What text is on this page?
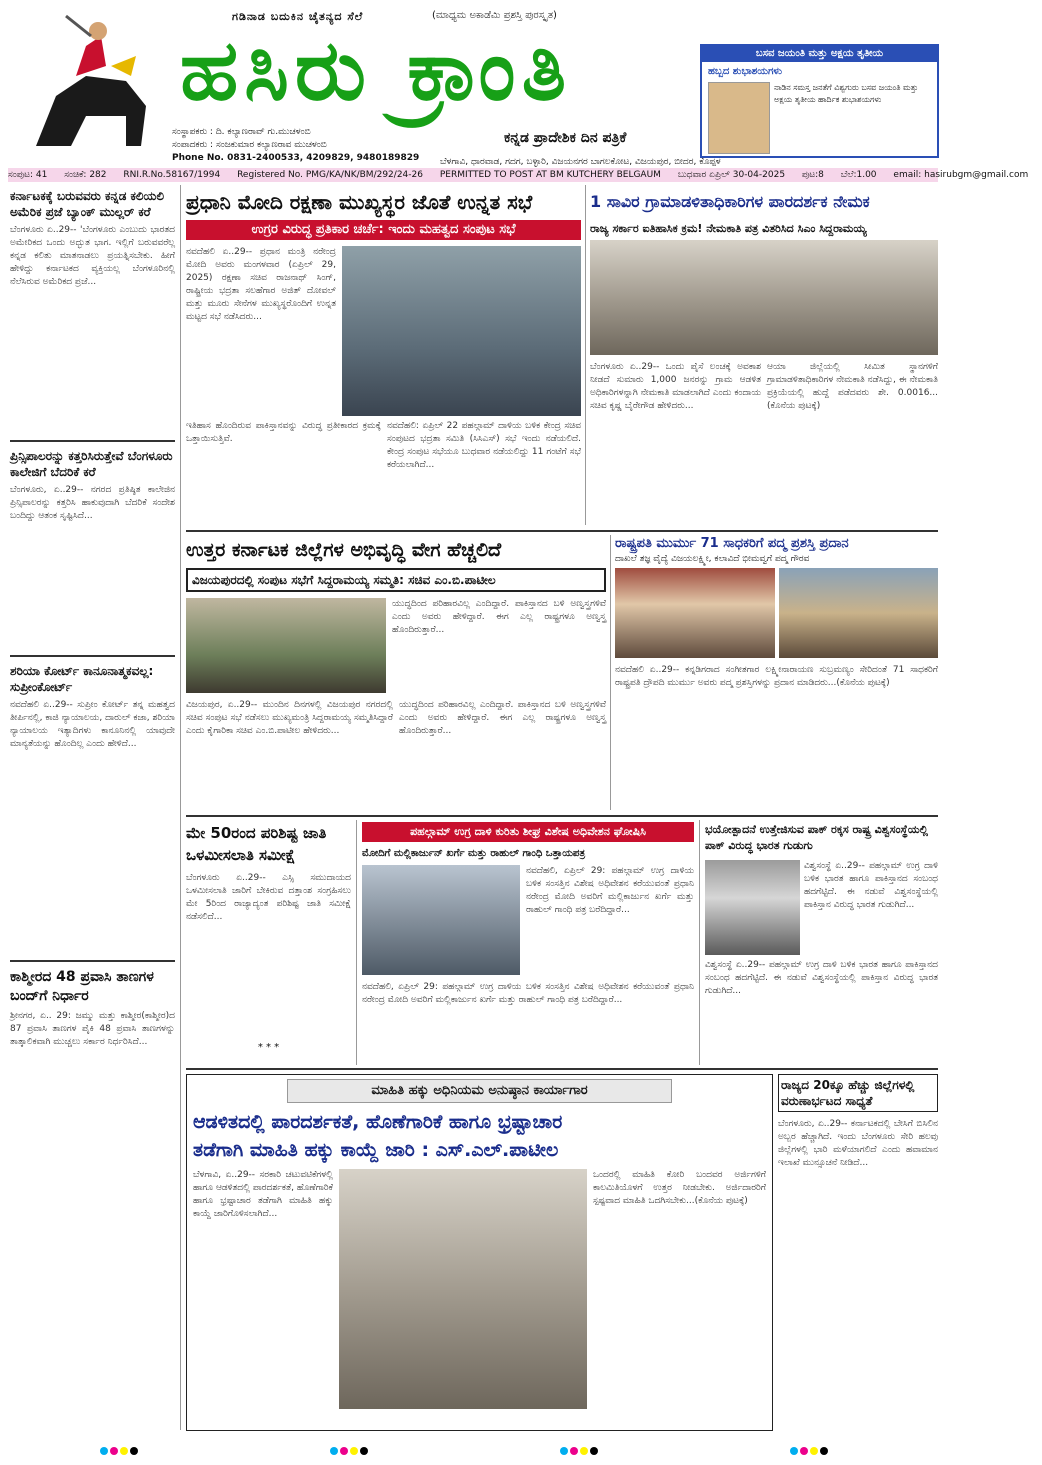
ಗಡಿನಾಡ ಬದುಕಿನ ಚೈತನ್ಯದ ಸೆಲೆ	(ಮಾಧ್ಯಮ ಅಕಾಡೆಮಿ ಪ್ರಶಸ್ತಿ ಪುರಸ್ಕೃತ)
ಹಸಿರು ಕ್ರಾಂತಿ
ಕನ್ನಡ ಪ್ರಾದೇಶಿಕ ದಿನ ಪತ್ರಿಕೆ
ಸಂಸ್ಥಾಪಕರು : ದಿ. ಕಲ್ಯಾಣರಾವ್ ಗು.ಮುಚಳಂಬಿ
ಸಂಪಾದಕರು : ಸಂಜಕುಮಾರ ಕಲ್ಯಾಣರಾವ ಮುಚಳಂಬಿ
Phone No. 0831-2400533, 4209829, 9480189829 ಬೆಳಗಾವಿ, ಧಾರವಾಡ, ಗದಗ, ಬಳ್ಳಾರಿ, ವಿಜಯನಗರ ಬಾಗಲಕೋಟ, ವಿಜಯಪುರ, ಬೀದರ, ಕೊಪ್ಪಳ
ಬಸವ ಜಯಂತಿ ಮತ್ತು ಅಕ್ಷಯ ತೃತೀಯ
ಹಬ್ಬದ ಶುಭಾಶಯಗಳು
ನಾಡಿನ ಸಮಸ್ತ ಜನತೆಗೆ ವಿಶ್ವಗುರು ಬಸವ ಜಯಂತಿ ಮತ್ತು ಅಕ್ಷಯ ತೃತೀಯ ಹಾರ್ದಿಕ ಶುಭಾಶಯಗಳು
ಸಂಪುಟ: 41 ಸಂಚಿಕೆ: 282 RNI.R.No.58167/1994 Registered No. PMG/KA/NK/BM/292/24-26 PERMITTED TO POST AT BM KUTCHERY BELGAUM ಬುಧವಾರ ಏಪ್ರಿಲ್ 30-04-2025 ಪುಟ:8 ಬೆಲೆ:1.00 email: hasirubgm@gmail.com
ಕರ್ನಾಟಕಕ್ಕೆ ಬರುವವರು ಕನ್ನಡ ಕಲಿಯಲಿ ಅಮೆರಿಕ ಪ್ರಜೆ ಬ್ಯಾಂಕ್ ಮುಲ್ಲರ್ ಕರೆ
ಬೆಂಗಳೂರು ಏ..29-- 'ಬೆಂಗಳೂರು ಎಂಬುದು ಭಾರತದ ಅಮೇರಿಕದ ಒಂದು ಅದ್ಭುತ ಭಾಗ. ಇಲ್ಲಿಗೆ ಬರುವವರೆಲ್ಲ ಕನ್ನಡ ಕಲಿತು ಮಾತನಾಡಲು ಪ್ರಯತ್ನಿಸಬೇಕು. ಹೀಗೆ ಹೇಳಿದ್ದು ಕರ್ನಾಟಕದ ವ್ಯಕ್ತಿಯಲ್ಲ ಬೆಂಗಳೂರಿನಲ್ಲಿ ನೆಲೆಸಿರುವ ಅಮೆರಿಕದ ಪ್ರಜೆ...
ಪ್ರಿನ್ಸಿಪಾಲರನ್ನು ಕತ್ತರಿಸಿರುತ್ತೇವೆ ಬೆಂಗಳೂರು ಕಾಲೇಜಿಗೆ ಬೆದರಿಕೆ ಕರೆ
ಬೆಂಗಳೂರು, ಏ..29-- ನಗರದ ಪ್ರತಿಷ್ಠಿತ ಕಾಲೇಜಿನ ಪ್ರಿನ್ಸಿಪಾಲರನ್ನು ಕತ್ತರಿಸಿ ಹಾಕುವುದಾಗಿ ಬೆದರಿಕೆ ಸಂದೇಶ ಬಂದಿದ್ದು ಆತಂಕ ಸೃಷ್ಟಿಸಿದೆ...
ಶರಿಯಾ ಕೋರ್ಟ್ ಕಾನೂನಾತ್ಮಕವಲ್ಲ: ಸುಪ್ರೀಂಕೋರ್ಟ್
ನವದೆಹಲಿ ಏ..29-- ಸುಪ್ರೀಂ ಕೋರ್ಟ್ ತನ್ನ ಮಹತ್ವದ ತೀರ್ಪಿನಲ್ಲಿ, ಕಾಜಿ ನ್ಯಾಯಾಲಯ, ದಾರುಲ್ ಕಜಾ, ಶರಿಯಾ ನ್ಯಾಯಾಲಯ ಇತ್ಯಾದಿಗಳು ಕಾನೂನಿನಲ್ಲಿ ಯಾವುದೇ ಮಾನ್ಯತೆಯನ್ನು ಹೊಂದಿಲ್ಲ ಎಂದು ಹೇಳಿದೆ...
ಕಾಶ್ಮೀರದ 48 ಪ್ರವಾಸಿ ತಾಣಗಳ ಬಂದ್‌ಗೆ ನಿರ್ಧಾರ
ಶ್ರೀನಗರ, ಏ.. 29: ಜಮ್ಮು ಮತ್ತು ಕಾಶ್ಮೀರ(ಕಾಶ್ಮೀರ)ದ 87 ಪ್ರವಾಸಿ ತಾಣಗಳ ಪೈಕಿ 48 ಪ್ರವಾಸಿ ತಾಣಗಳನ್ನು ತಾತ್ಕಾಲಿಕವಾಗಿ ಮುಚ್ಚಲು ಸರ್ಕಾರ ನಿರ್ಧರಿಸಿದೆ...
ಪ್ರಧಾನಿ ಮೋದಿ ರಕ್ಷಣಾ ಮುಖ್ಯಸ್ಥರ ಜೊತೆ ಉನ್ನತ ಸಭೆ
ಉಗ್ರರ ವಿರುದ್ಧ ಪ್ರತಿಕಾರ ಚರ್ಚೆ: ಇಂದು ಮಹತ್ವದ ಸಂಪುಟ ಸಭೆ
ನವದೆಹಲಿ ಏ..29-- ಪ್ರಧಾನ ಮಂತ್ರಿ ನರೇಂದ್ರ ಮೋದಿ ಅವರು ಮಂಗಳವಾರ (ಏಪ್ರಿಲ್ 29, 2025) ರಕ್ಷಣಾ ಸಚಿವ ರಾಜನಾಥ್ ಸಿಂಗ್, ರಾಷ್ಟ್ರೀಯ ಭದ್ರತಾ ಸಲಹೆಗಾರ ಅಜಿತ್ ದೋವಲ್ ಮತ್ತು ಮೂರು ಸೇನೆಗಳ ಮುಖ್ಯಸ್ಥರೊಂದಿಗೆ ಉನ್ನತ ಮಟ್ಟದ ಸಭೆ ನಡೆಸಿದರು...
ಇತಿಹಾಸ ಹೊಂದಿರುವ ಪಾಕಿಸ್ತಾನವನ್ನು ವಿರುದ್ಧ ಪ್ರತೀಕಾರದ ಕ್ರಮಕ್ಕೆ ಒತ್ತಾಯಿಸುತ್ತಿವೆ.
ನವದೆಹಲಿ: ಏಪ್ರಿಲ್ 22 ಪಹಲ್ಗಾಮ್ ದಾಳಿಯ ಬಳಿಕ ಕೇಂದ್ರ ಸಚಿವ ಸಂಪುಟದ ಭದ್ರತಾ ಸಮಿತಿ (ಸಿಸಿಎಸ್) ಸಭೆ ಇಂದು ನಡೆಯಲಿದೆ. ಕೇಂದ್ರ ಸಂಪುಟ ಸಭೆಯೂ ಬುಧವಾರ ನಡೆಯಲಿದ್ದು 11 ಗಂಟೆಗೆ ಸಭೆ ಕರೆಯಲಾಗಿದೆ...
1 ಸಾವಿರ ಗ್ರಾಮಾಡಳಿತಾಧಿಕಾರಿಗಳ ಪಾರದರ್ಶಕ ನೇಮಕ
ರಾಜ್ಯ ಸರ್ಕಾರ ಐತಿಹಾಸಿಕ ಕ್ರಮ! ನೇಮಕಾತಿ ಪತ್ರ ವಿತರಿಸಿದ ಸಿಎಂ ಸಿದ್ದರಾಮಯ್ಯ
ಬೆಂಗಳೂರು ಏ..29-- ಒಂದು ಪೈಸೆ ಲಂಚಕ್ಕೆ ಅವಕಾಶ ನೀಡದೆ ಸುಮಾರು 1,000 ಜನರನ್ನು ಗ್ರಾಮ ಆಡಳಿತ ಅಧಿಕಾರಿಗಳನ್ನಾಗಿ ನೇಮಕಾತಿ ಮಾಡಲಾಗಿದೆ ಎಂದು ಕಂದಾಯ ಸಚಿವ ಕೃಷ್ಣ ಬೈರೇಗೌಡ ಹೇಳಿದರು...
ಆಯಾ ಜಿಲ್ಲೆಯಲ್ಲಿ ಸೀಮಿತ ಸ್ಥಾನಗಳಿಗೆ ಗ್ರಾಮಾಡಳಿತಾಧಿಕಾರಿಗಳ ನೇಮಕಾತಿ ನಡೆಸಿದ್ದು, ಈ ನೇಮಕಾತಿ ಪ್ರಕ್ರಿಯೆಯಲ್ಲಿ ಹುದ್ದೆ ಪಡೆದವರು ಶೇ. 0.0016...(ಕೊನೆಯ ಪುಟಕ್ಕೆ)
ಉತ್ತರ ಕರ್ನಾಟಕ ಜಿಲ್ಲೆಗಳ ಅಭಿವೃದ್ಧಿ ವೇಗ ಹೆಚ್ಚಲಿದೆ
ವಿಜಯಪುರದಲ್ಲಿ ಸಂಪುಟ ಸಭೆಗೆ ಸಿದ್ದರಾಮಯ್ಯ ಸಮ್ಮತಿ: ಸಚಿವ ಎಂ.ಬಿ.ಪಾಟೀಲ
ಯುದ್ಧದಿಂದ ಪರಿಹಾರವಿಲ್ಲ ಎಂದಿದ್ದಾರೆ. ಪಾಕಿಸ್ತಾನದ ಬಳಿ ಅಣ್ವಸ್ತ್ರಗಳಿವೆ ಎಂದು ಅವರು ಹೇಳಿದ್ದಾರೆ. ಈಗ ಎಲ್ಲ ರಾಷ್ಟ್ರಗಳೂ ಅಣ್ವಸ್ತ್ರ ಹೊಂದಿರುತ್ತಾರೆ...
ವಿಜಯಪುರ, ಏ..29-- ಮುಂದಿನ ದಿನಗಳಲ್ಲಿ ವಿಜಯಪುರ ನಗರದಲ್ಲಿ ಸಚಿವ ಸಂಪುಟ ಸಭೆ ನಡೆಸಲು ಮುಖ್ಯಮಂತ್ರಿ ಸಿದ್ದರಾಮಯ್ಯ ಸಮ್ಮತಿಸಿದ್ದಾರೆ ಎಂದು ಕೈಗಾರಿಕಾ ಸಚಿವ ಎಂ.ಬಿ.ಪಾಟೀಲ ಹೇಳಿದರು...
ಯುದ್ಧದಿಂದ ಪರಿಹಾರವಿಲ್ಲ ಎಂದಿದ್ದಾರೆ. ಪಾಕಿಸ್ತಾನದ ಬಳಿ ಅಣ್ವಸ್ತ್ರಗಳಿವೆ ಎಂದು ಅವರು ಹೇಳಿದ್ದಾರೆ. ಈಗ ಎಲ್ಲ ರಾಷ್ಟ್ರಗಳೂ ಅಣ್ವಸ್ತ್ರ ಹೊಂದಿರುತ್ತಾರೆ...
ರಾಷ್ಟ್ರಪತಿ ಮುರ್ಮು 71 ಸಾಧಕರಿಗೆ ಪದ್ಮ ಪ್ರಶಸ್ತಿ ಪ್ರದಾನ
ದಾಖಲೆ ತಜ್ಞ ವೈದ್ಯೆ ವಿಜಯಲಕ್ಷ್ಮೀ, ಕಲಾವಿದೆ ಭೀಮವ್ವಗೆ ಪದ್ಮ ಗೌರವ
ನವದೆಹಲಿ ಏ..29-- ಕನ್ನಡಿಗರಾದ ಸಂಗೀತಗಾರ ಲಕ್ಷ್ಮೀನಾರಾಯಣ ಸುಬ್ರಮಣ್ಯಂ ಸೇರಿದಂತೆ 71 ಸಾಧಕರಿಗೆ ರಾಷ್ಟ್ರಪತಿ ದ್ರೌಪದಿ ಮುರ್ಮು ಅವರು ಪದ್ಮ ಪ್ರಶಸ್ತಿಗಳನ್ನು ಪ್ರದಾನ ಮಾಡಿದರು...(ಕೊನೆಯ ಪುಟಕ್ಕೆ)
ಮೇ 50ರಂದ ಪರಿಶಿಷ್ಟ ಜಾತಿ ಒಳಮೀಸಲಾತಿ ಸಮೀಕ್ಷೆ
ಬೆಂಗಳೂರು ಏ..29-- ಎಸ್ಸಿ ಸಮುದಾಯದ ಒಳಮೀಸಲಾತಿ ಜಾರಿಗೆ ಬೇಕಿರುವ ದತ್ತಾಂಶ ಸಂಗ್ರಹಿಸಲು ಮೇ 5ರಿಂದ ರಾಜ್ಯಾದ್ಯಂತ ಪರಿಶಿಷ್ಟ ಜಾತಿ ಸಮೀಕ್ಷೆ ನಡೆಸಲಿದೆ...
* * *
ಪಹಲ್ಗಾಮ್ ಉಗ್ರ ದಾಳಿ ಕುರಿತು ಶೀಘ್ರ ವಿಶೇಷ ಅಧಿವೇಶನ ಘೋಷಿಸಿ
ಮೋದಿಗೆ ಮಲ್ಲಿಕಾರ್ಜುನ್ ಖರ್ಗೆ ಮತ್ತು ರಾಹುಲ್ ಗಾಂಧಿ ಒತ್ತಾಯಪತ್ರ
ನವದೆಹಲಿ, ಏಪ್ರಿಲ್ 29: ಪಹಲ್ಗಾಮ್ ಉಗ್ರ ದಾಳಿಯ ಬಳಿಕ ಸಂಸತ್ತಿನ ವಿಶೇಷ ಅಧಿವೇಶನ ಕರೆಯುವಂತೆ ಪ್ರಧಾನಿ ನರೇಂದ್ರ ಮೋದಿ ಅವರಿಗೆ ಮಲ್ಲಿಕಾರ್ಜುನ ಖರ್ಗೆ ಮತ್ತು ರಾಹುಲ್ ಗಾಂಧಿ ಪತ್ರ ಬರೆದಿದ್ದಾರೆ...
ನವದೆಹಲಿ, ಏಪ್ರಿಲ್ 29: ಪಹಲ್ಗಾಮ್ ಉಗ್ರ ದಾಳಿಯ ಬಳಿಕ ಸಂಸತ್ತಿನ ವಿಶೇಷ ಅಧಿವೇಶನ ಕರೆಯುವಂತೆ ಪ್ರಧಾನಿ ನರೇಂದ್ರ ಮೋದಿ ಅವರಿಗೆ ಮಲ್ಲಿಕಾರ್ಜುನ ಖರ್ಗೆ ಮತ್ತು ರಾಹುಲ್ ಗಾಂಧಿ ಪತ್ರ ಬರೆದಿದ್ದಾರೆ...
ಭಯೋತ್ಪಾದನೆ ಉತ್ತೇಜಿಸುವ ಪಾಕ್ ರಕ್ಕಸ ರಾಷ್ಟ್ರ ವಿಶ್ವಸಂಸ್ಥೆಯಲ್ಲಿ ಪಾಕ್ ವಿರುದ್ಧ ಭಾರತ ಗುಡುಗು
ವಿಶ್ವಸಂಸ್ಥೆ ಏ..29-- ಪಹಲ್ಗಾಮ್ ಉಗ್ರ ದಾಳಿ ಬಳಿಕ ಭಾರತ ಹಾಗೂ ಪಾಕಿಸ್ತಾನದ ಸಂಬಂಧ ಹದಗೆಟ್ಟಿದೆ. ಈ ನಡುವೆ ವಿಶ್ವಸಂಸ್ಥೆಯಲ್ಲಿ ಪಾಕಿಸ್ತಾನ ವಿರುದ್ಧ ಭಾರತ ಗುಡುಗಿದೆ...
ವಿಶ್ವಸಂಸ್ಥೆ ಏ..29-- ಪಹಲ್ಗಾಮ್ ಉಗ್ರ ದಾಳಿ ಬಳಿಕ ಭಾರತ ಹಾಗೂ ಪಾಕಿಸ್ತಾನದ ಸಂಬಂಧ ಹದಗೆಟ್ಟಿದೆ. ಈ ನಡುವೆ ವಿಶ್ವಸಂಸ್ಥೆಯಲ್ಲಿ ಪಾಕಿಸ್ತಾನ ವಿರುದ್ಧ ಭಾರತ ಗುಡುಗಿದೆ...
ಮಾಹಿತಿ ಹಕ್ಕು ಅಧಿನಿಯಮ ಅನುಷ್ಠಾನ ಕಾರ್ಯಾಗಾರ
ಆಡಳಿತದಲ್ಲಿ ಪಾರದರ್ಶಕತೆ, ಹೊಣೆಗಾರಿಕೆ ಹಾಗೂ ಭ್ರಷ್ಟಾಚಾರ
ತಡೆಗಾಗಿ ಮಾಹಿತಿ ಹಕ್ಕು ಕಾಯ್ದೆ ಜಾರಿ : ಎಸ್.ಎಲ್.ಪಾಟೀಲ
ಬೆಳಗಾವಿ, ಏ..29-- ಸರಕಾರಿ ಚಟುವಟಿಕೆಗಳಲ್ಲಿ ಹಾಗೂ ಆಡಳಿತದಲ್ಲಿ ಪಾರದರ್ಶಕತೆ, ಹೊಣೆಗಾರಿಕೆ ಹಾಗೂ ಭ್ರಷ್ಟಾಚಾರ ತಡೆಗಾಗಿ ಮಾಹಿತಿ ಹಕ್ಕು ಕಾಯ್ದೆ ಜಾರಿಗೊಳಿಸಲಾಗಿದೆ...
ಒಂದರಲ್ಲಿ ಮಾಹಿತಿ ಕೋರಿ ಬಂದವರ ಅರ್ಜಿಗಳಿಗೆ ಕಾಲಮಿತಿಯೊಳಗೆ ಉತ್ತರ ನೀಡಬೇಕು. ಅರ್ಜಿದಾರರಿಗೆ ಸ್ಪಷ್ಟವಾದ ಮಾಹಿತಿ ಒದಗಿಸಬೇಕು...(ಕೊನೆಯ ಪುಟಕ್ಕೆ)
ರಾಜ್ಯದ 20ಕ್ಕೂ ಹೆಚ್ಚು ಜಿಲ್ಲೆಗಳಲ್ಲಿ ವರುಣಾರ್ಭಟದ ಸಾಧ್ಯತೆ
ಬೆಂಗಳೂರು, ಏ..29-- ಕರ್ನಾಟಕದಲ್ಲಿ ಬೇಸಿಗೆ ಬಿಸಿಲಿನ ಅಬ್ಬರ ಹೆಚ್ಚಾಗಿದೆ. ಇಂದು ಬೆಂಗಳೂರು ಸೇರಿ ಹಲವು ಜಿಲ್ಲೆಗಳಲ್ಲಿ ಭಾರಿ ಮಳೆಯಾಗಲಿದೆ ಎಂದು ಹವಾಮಾನ ಇಲಾಖೆ ಮುನ್ಸೂಚನೆ ನೀಡಿದೆ...
